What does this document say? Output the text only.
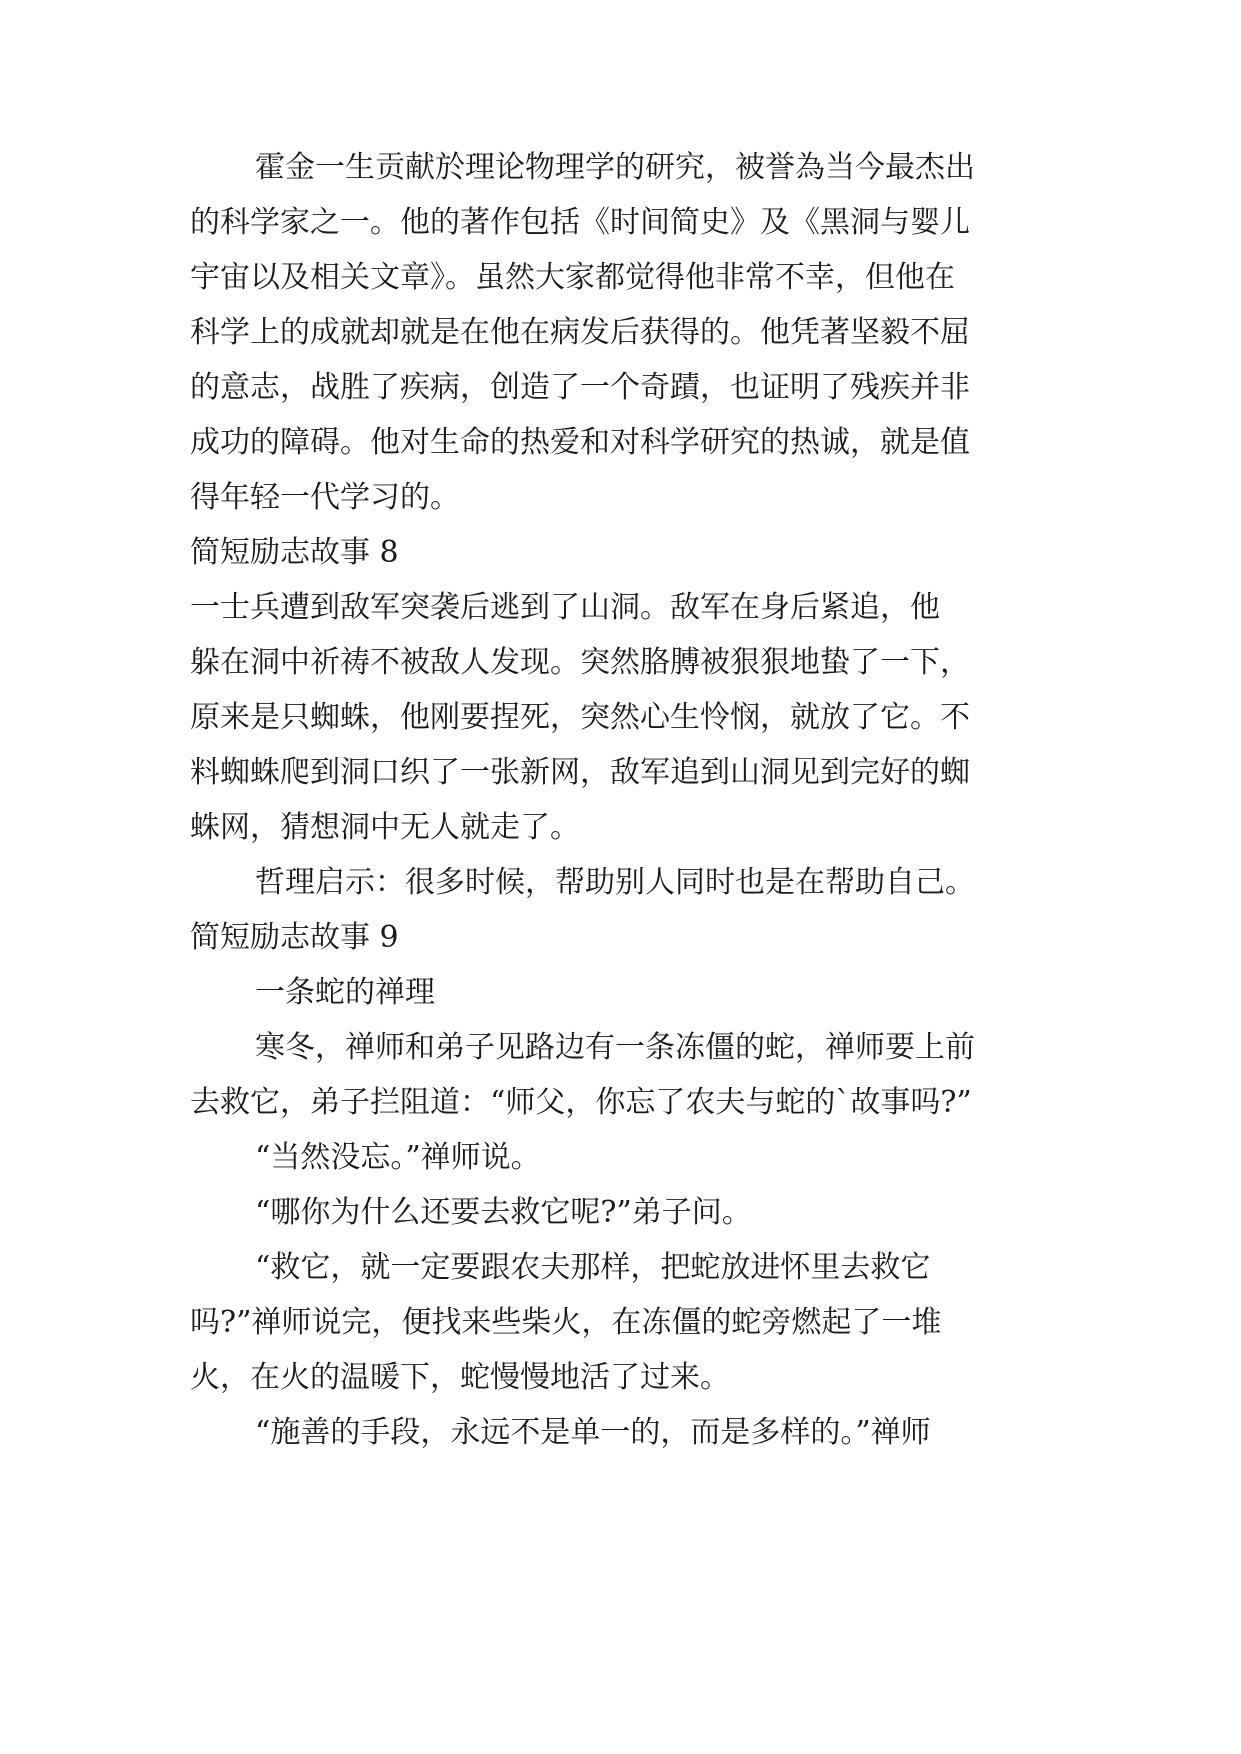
霍金一生贡献於理论物理学的研究，被誉為当今最杰出
的科学家之一。他的著作包括《时间简史》及《黑洞与婴儿
宇宙以及相关文章》。虽然大家都觉得他非常不幸，但他在
科学上的成就却就是在他在病发后获得的。他凭著坚毅不屈
的意志，战胜了疾病，创造了一个奇蹟，也证明了残疾并非
成功的障碍。他对生命的热爱和对科学研究的热诚，就是值
得年轻一代学习的。
简短励志故事 8
一士兵遭到敌军突袭后逃到了山洞。敌军在身后紧追，他
躲在洞中祈祷不被敌人发现。突然胳膊被狠狠地蛰了一下，
原来是只蜘蛛，他刚要捏死，突然心生怜悯，就放了它。不
料蜘蛛爬到洞口织了一张新网，敌军追到山洞见到完好的蜘
蛛网，猜想洞中无人就走了。
哲理启示：很多时候，帮助别人同时也是在帮助自己。
简短励志故事 9
一条蛇的禅理
寒冬，禅师和弟子见路边有一条冻僵的蛇，禅师要上前
去救它，弟子拦阻道：“师父，你忘了农夫与蛇的`故事吗?”
“当然没忘。”禅师说。
“哪你为什么还要去救它呢?”弟子问。
“救它，就一定要跟农夫那样，把蛇放进怀里去救它
吗?”禅师说完，便找来些柴火，在冻僵的蛇旁燃起了一堆
火，在火的温暖下，蛇慢慢地活了过来。
“施善的手段，永远不是单一的，而是多样的。”禅师
